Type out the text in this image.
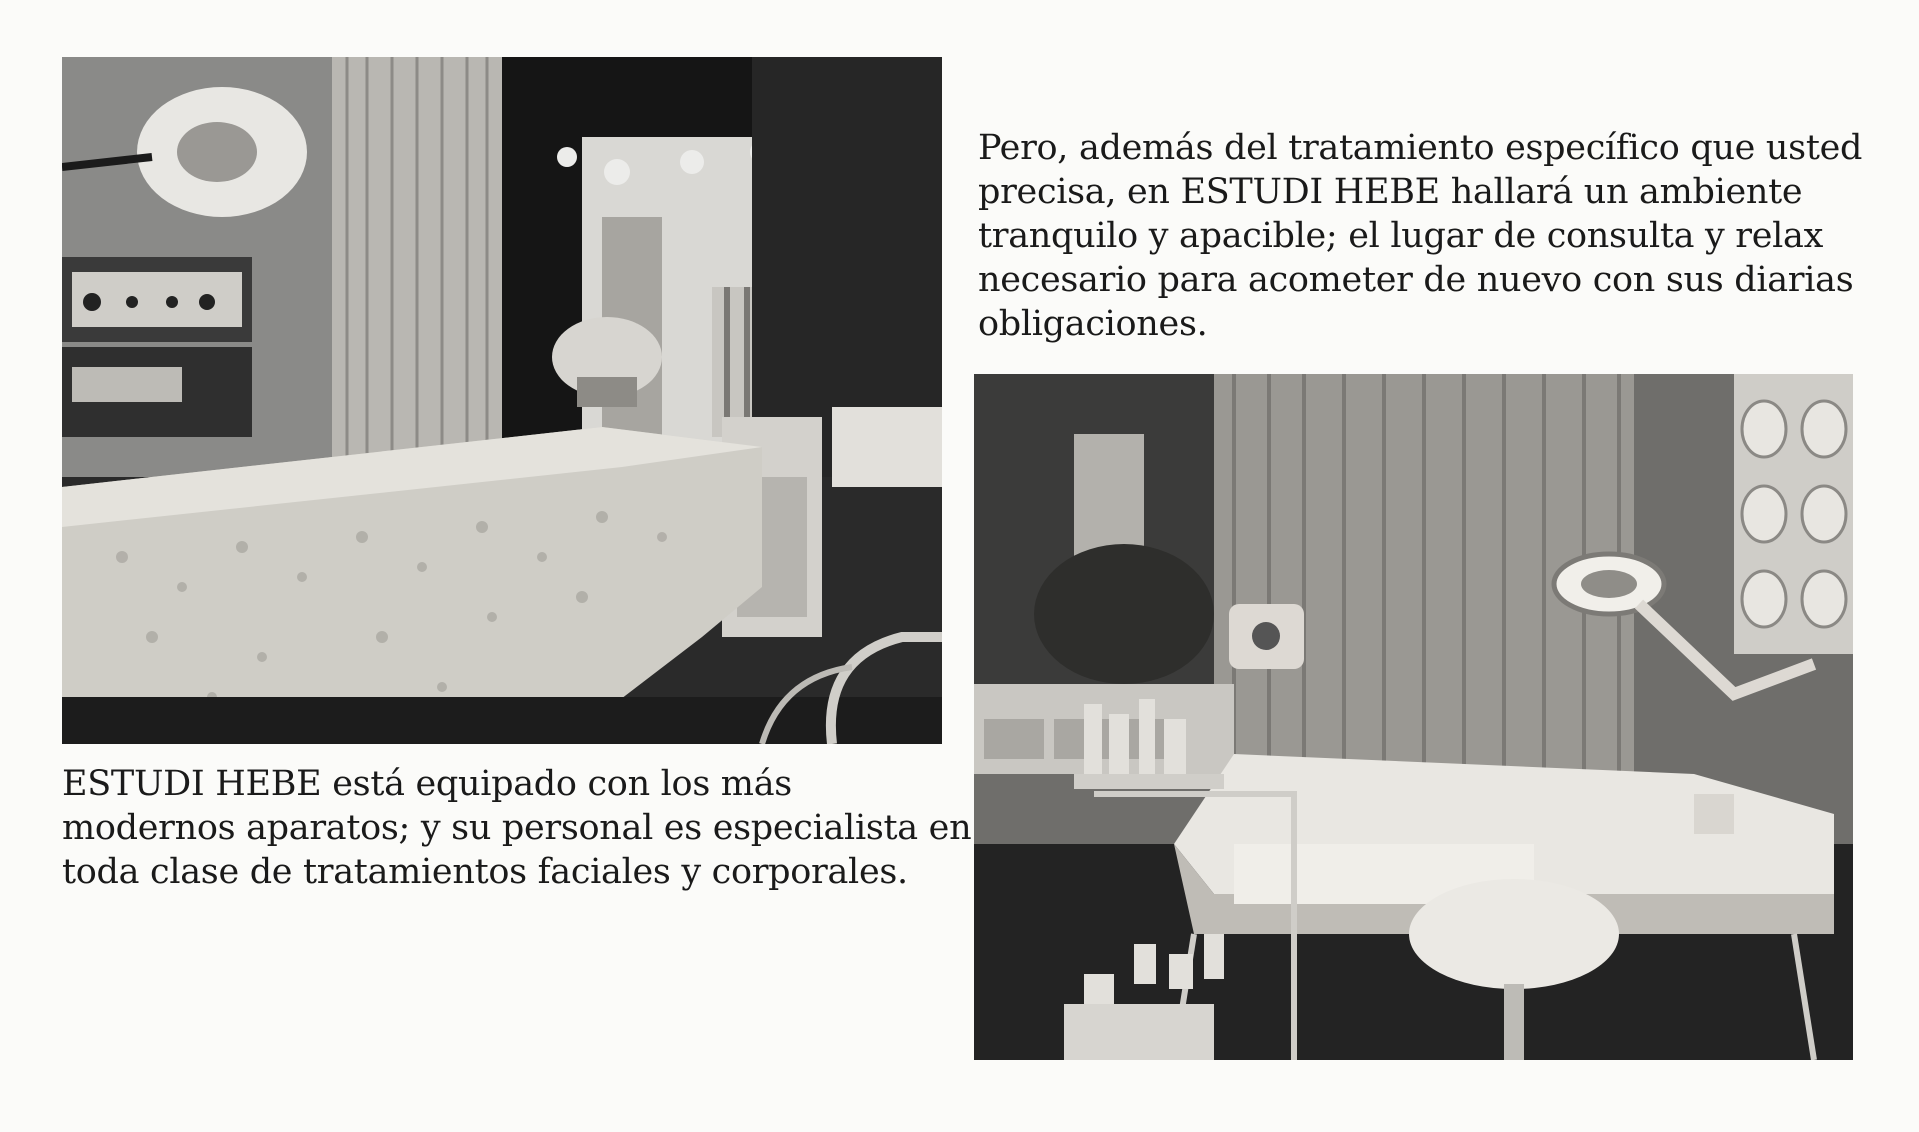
ESTUDI HEBE está equipado con los más
modernos aparatos; y su personal es especialista en
toda clase de tratamientos faciales y corporales.

Pero, además del tratamiento específico que usted
precisa, en ESTUDI HEBE hallará un ambiente
tranquilo y apacible; el lugar de consulta y relax
necesario para acometer de nuevo con sus diarias
obligaciones.
